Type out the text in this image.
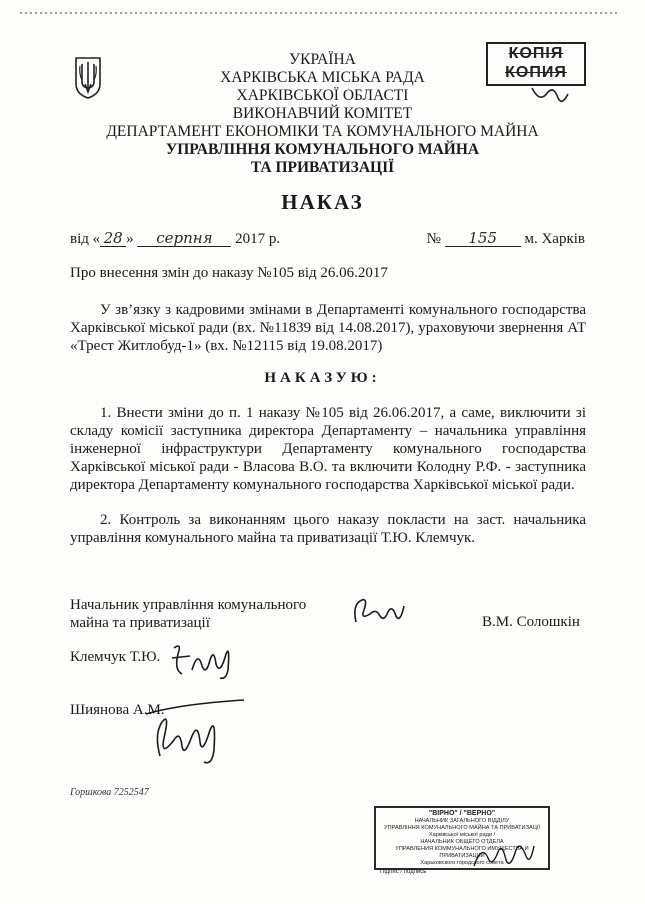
УКРАЇНА
ХАРКІВСЬКА МІСЬКА РАДА
ХАРКІВСЬКОЇ ОБЛАСТІ
ВИКОНАВЧИЙ КОМІТЕТ
ДЕПАРТАМЕНТ ЕКОНОМІКИ ТА КОМУНАЛЬНОГО МАЙНА
УПРАВЛІННЯ КОМУНАЛЬНОГО МАЙНА
ТА ПРИВАТИЗАЦІЇ
КОПІЯ
КОПИЯ
НАКАЗ
від « 28 » серпня 2017 р.	№ 155 м. Харків
Про внесення змін до наказу №105 від 26.06.2017
У зв’язку з кадровими змінами в Департаменті комунального господарства Харківської міської ради (вх. №11839 від 14.08.2017), ураховуючи звернення АТ «Трест Житлобуд-1» (вх. №12115 від 19.08.2017)
НАКАЗУЮ:
1. Внести зміни до п. 1 наказу №105 від 26.06.2017, а саме, виключити зі складу комісії заступника директора Департаменту – начальника управління інженерної інфраструктури Департаменту комунального господарства Харківської міської ради - Власова В.О. та включити Колодну Р.Ф. - заступника директора Департаменту комунального господарства Харківської міської ради.
2. Контроль за виконанням цього наказу покласти на заст. начальника управління комунального майна та приватизації Т.Ю. Клемчук.
Начальник управління комунального
майна та приватизації	В.М. Солошкін
Клемчук Т.Ю.
Шиянова А.М.
Горшкова 7252547
"ВІРНО" / "ВЕРНО"
НАЧАЛЬНИК ЗАГАЛЬНОГО ВІДДІЛУ
УПРАВЛІННЯ КОМУНАЛЬНОГО МАЙНА ТА ПРИВАТИЗАЦІЇ
Харківської міської ради /
НАЧАЛЬНИК ОБЩЕГО ОТДЕЛА
УПРАВЛЕНИЯ КОММУНАЛЬНОГО ИМУЩЕСТВА И ПРИВАТИЗАЦИИ
Харьковского городского совета
Підпис / подпись
